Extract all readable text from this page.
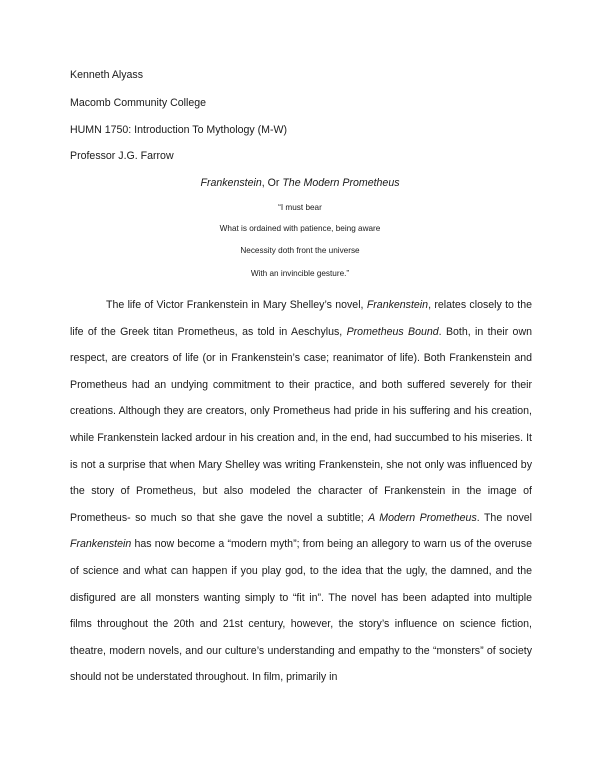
Kenneth Alyass
Macomb Community College
HUMN 1750: Introduction To Mythology (M-W)
Professor J.G. Farrow
Frankenstein, Or The Modern Prometheus
“I must bear
What is ordained with patience, being aware
Necessity doth front the universe
With an invincible gesture.”

The life of Victor Frankenstein in Mary Shelley’s novel, Frankenstein, relates closely to the life of the Greek titan Prometheus, as told in Aeschylus, Prometheus Bound. Both, in their own respect, are creators of life (or in Frankenstein’s case; reanimator of life). Both Frankenstein and Prometheus had an undying commitment to their practice, and both suffered severely for their creations. Although they are creators, only Prometheus had pride in his suffering and his creation, while Frankenstein lacked ardour in his creation and, in the end, had succumbed to his miseries. It is not a surprise that when Mary Shelley was writing Frankenstein, she not only was influenced by the story of Prometheus, but also modeled the character of Frankenstein in the image of Prometheus- so much so that she gave the novel a subtitle; A Modern Prometheus. The novel Frankenstein has now become a “modern myth”; from being an allegory to warn us of the overuse of science and what can happen if you play god, to the idea that the ugly, the damned, and the disfigured are all monsters wanting simply to “fit in”. The novel has been adapted into multiple films throughout the 20th and 21st century, however, the story’s influence on science fiction, theatre, modern novels, and our culture’s understanding and empathy to the “monsters” of society should not be understated throughout. In film, primarily in
